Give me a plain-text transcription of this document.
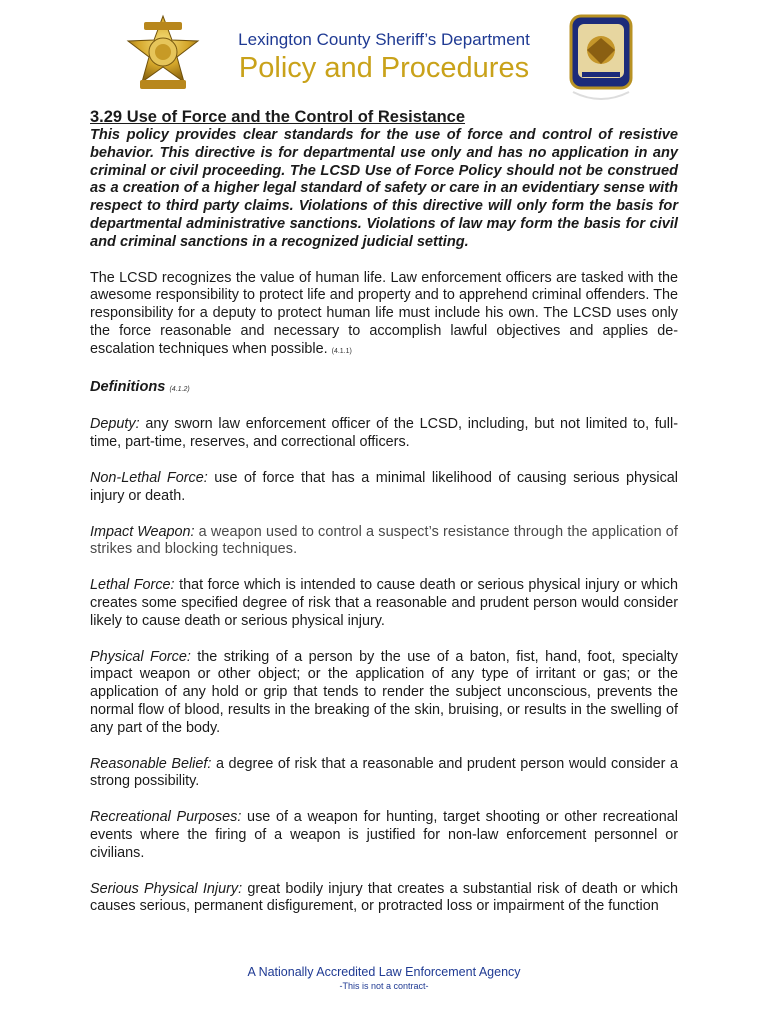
Lexington County Sheriff’s Department
Policy and Procedures
3.29 Use of Force and the Control of Resistance

This policy provides clear standards for the use of force and control of resistive behavior. This directive is for departmental use only and has no application in any criminal or civil proceeding. The LCSD Use of Force Policy should not be construed as a creation of a higher legal standard of safety or care in an evidentiary sense with respect to third party claims. Violations of this directive will only form the basis for departmental administrative sanctions. Violations of law may form the basis for civil and criminal sanctions in a recognized judicial setting.

The LCSD recognizes the value of human life. Law enforcement officers are tasked with the awesome responsibility to protect life and property and to apprehend criminal offenders. The responsibility for a deputy to protect human life must include his own. The LCSD uses only the force reasonable and necessary to accomplish lawful objectives and applies de-escalation techniques when possible. (4.1.1)

Definitions (4.1.2)

Deputy: any sworn law enforcement officer of the LCSD, including, but not limited to, full-time, part-time, reserves, and correctional officers.

Non-Lethal Force: use of force that has a minimal likelihood of causing serious physical injury or death.

Impact Weapon: a weapon used to control a suspect’s resistance through the application of strikes and blocking techniques.

Lethal Force: that force which is intended to cause death or serious physical injury or which creates some specified degree of risk that a reasonable and prudent person would consider likely to cause death or serious physical injury.

Physical Force: the striking of a person by the use of a baton, fist, hand, foot, specialty impact weapon or other object; or the application of any type of irritant or gas; or the application of any hold or grip that tends to render the subject unconscious, prevents the normal flow of blood, results in the breaking of the skin, bruising, or results in the swelling of any part of the body.

Reasonable Belief: a degree of risk that a reasonable and prudent person would consider a strong possibility.

Recreational Purposes: use of a weapon for hunting, target shooting or other recreational events where the firing of a weapon is justified for non-law enforcement personnel or civilians.

Serious Physical Injury: great bodily injury that creates a substantial risk of death or which causes serious, permanent disfigurement, or protracted loss or impairment of the function

A Nationally Accredited Law Enforcement Agency
-This is not a contract-
